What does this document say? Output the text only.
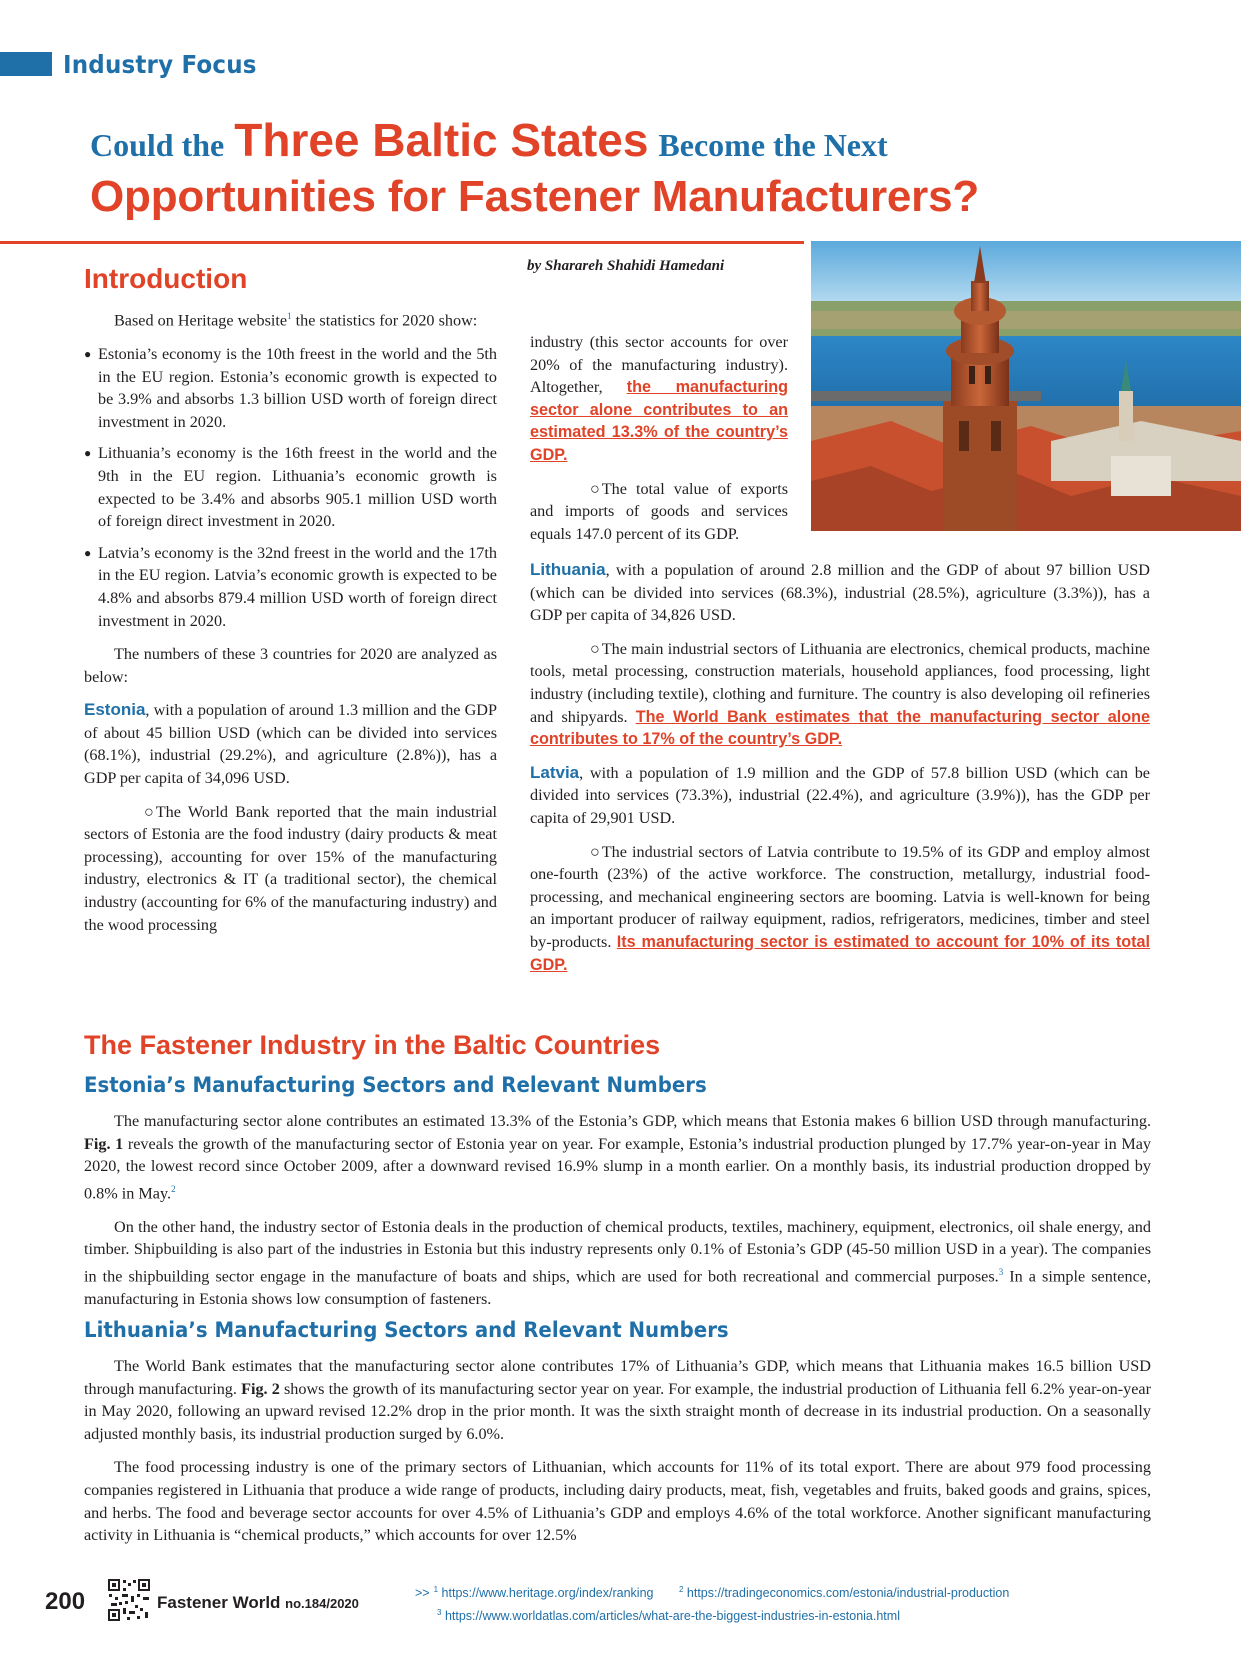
Industry Focus
Could the Three Baltic States Become the Next
Opportunities for Fastener Manufacturers?
by Sharareh Shahidi Hamedani
Introduction

Based on Heritage website$^1$ the statistics for 2020 show:

● Estonia’s economy is the 10th freest in the world and the 5th in the EU region. Estonia’s economic growth is expected to be 3.9% and absorbs 1.3 billion USD worth of foreign direct investment in 2020.
● Lithuania’s economy is the 16th freest in the world and the 9th in the EU region. Lithuania’s economic growth is expected to be 3.4% and absorbs 905.1 million USD worth of foreign direct investment in 2020.
● Latvia’s economy is the 32nd freest in the world and the 17th in the EU region. Latvia’s economic growth is expected to be 4.8% and absorbs 879.4 million USD worth of foreign direct investment in 2020.

The numbers of these 3 countries for 2020 are analyzed as below:

Estonia, with a population of around 1.3 million and the GDP of about 45 billion USD (which can be divided into services (68.1%), industrial (29.2%), and agriculture (2.8%)), has a GDP per capita of 34,096 USD.

○ The World Bank reported that the main industrial sectors of Estonia are the food industry (dairy products & meat processing), accounting for over 15% of the manufacturing industry, electronics & IT (a traditional sector), the chemical industry (accounting for 6% of the manufacturing industry) and the wood processing

Lithuania, with a population of around 2.8 million and the GDP of about 97 billion USD (which can be divided into services (68.3%), industrial (28.5%), agriculture (3.3%)), has a GDP per capita of 34,826 USD.

○ The main industrial sectors of Lithuania are electronics, chemical products, machine tools, metal processing, construction materials, household appliances, food processing, light industry (including textile), clothing and furniture. The country is also developing oil refineries and shipyards. The World Bank estimates that the manufacturing sector alone contributes to 17% of the country’s GDP.

Latvia, with a population of 1.9 million and the GDP of 57.8 billion USD (which can be divided into services (73.3%), industrial (22.4%), and agriculture (3.9%)), has the GDP per capita of 29,901 USD.

○ The industrial sectors of Latvia contribute to 19.5% of its GDP and employ almost one-fourth (23%) of the active workforce. The construction, metallurgy, industrial food-processing, and mechanical engineering sectors are booming. Latvia is well-known for being an important producer of railway equipment, radios, refrigerators, medicines, timber and steel by-products. Its manufacturing sector is estimated to account for 10% of its total GDP.

industry (this sector accounts for over 20% of the manufacturing industry). Altogether, the manufacturing sector alone contributes to an estimated 13.3% of the country’s GDP.

○ The total value of exports and imports of goods and services equals 147.0 percent of its GDP.

The Fastener Industry in the Baltic Countries
Estonia’s Manufacturing Sectors and Relevant Numbers

The manufacturing sector alone contributes an estimated 13.3% of the Estonia’s GDP, which means that Estonia makes 6 billion USD through manufacturing. Fig. 1 reveals the growth of the manufacturing sector of Estonia year on year. For example, Estonia’s industrial production plunged by 17.7% year-on-year in May 2020, the lowest record since October 2009, after a downward revised 16.9% slump in a month earlier. On a monthly basis, its industrial production dropped by 0.8% in May.$^2$

On the other hand, the industry sector of Estonia deals in the production of chemical products, textiles, machinery, equipment, electronics, oil shale energy, and timber. Shipbuilding is also part of the industries in Estonia but this industry represents only 0.1% of Estonia’s GDP (45-50 million USD in a year). The companies in the shipbuilding sector engage in the manufacture of boats and ships, which are used for both recreational and commercial purposes.$^3$ In a simple sentence, manufacturing in Estonia shows low consumption of fasteners.

Lithuania’s Manufacturing Sectors and Relevant Numbers

The World Bank estimates that the manufacturing sector alone contributes 17% of Lithuania’s GDP, which means that Lithuania makes 16.5 billion USD through manufacturing. Fig. 2 shows the growth of its manufacturing sector year on year. For example, the industrial production of Lithuania fell 6.2% year-on-year in May 2020, following an upward revised 12.2% drop in the prior month. It was the sixth straight month of decrease in its industrial production. On a seasonally adjusted monthly basis, its industrial production surged by 6.0%.

The food processing industry is one of the primary sectors of Lithuanian, which accounts for 11% of its total export. There are about 979 food processing companies registered in Lithuania that produce a wide range of products, including dairy products, meat, fish, vegetables and fruits, baked goods and grains, spices, and herbs. The food and beverage sector accounts for over 4.5% of Lithuania’s GDP and employs 4.6% of the total workforce. Another significant manufacturing activity in Lithuania is “chemical products,” which accounts for over 12.5%

200	Fastener World no.184/2020
>> $^1$ https://www.heritage.org/index/ranking	$^2$ https://tradingeconomics.com/estonia/industrial-production
$^3$ https://www.worldatlas.com/articles/what-are-the-biggest-industries-in-estonia.html
